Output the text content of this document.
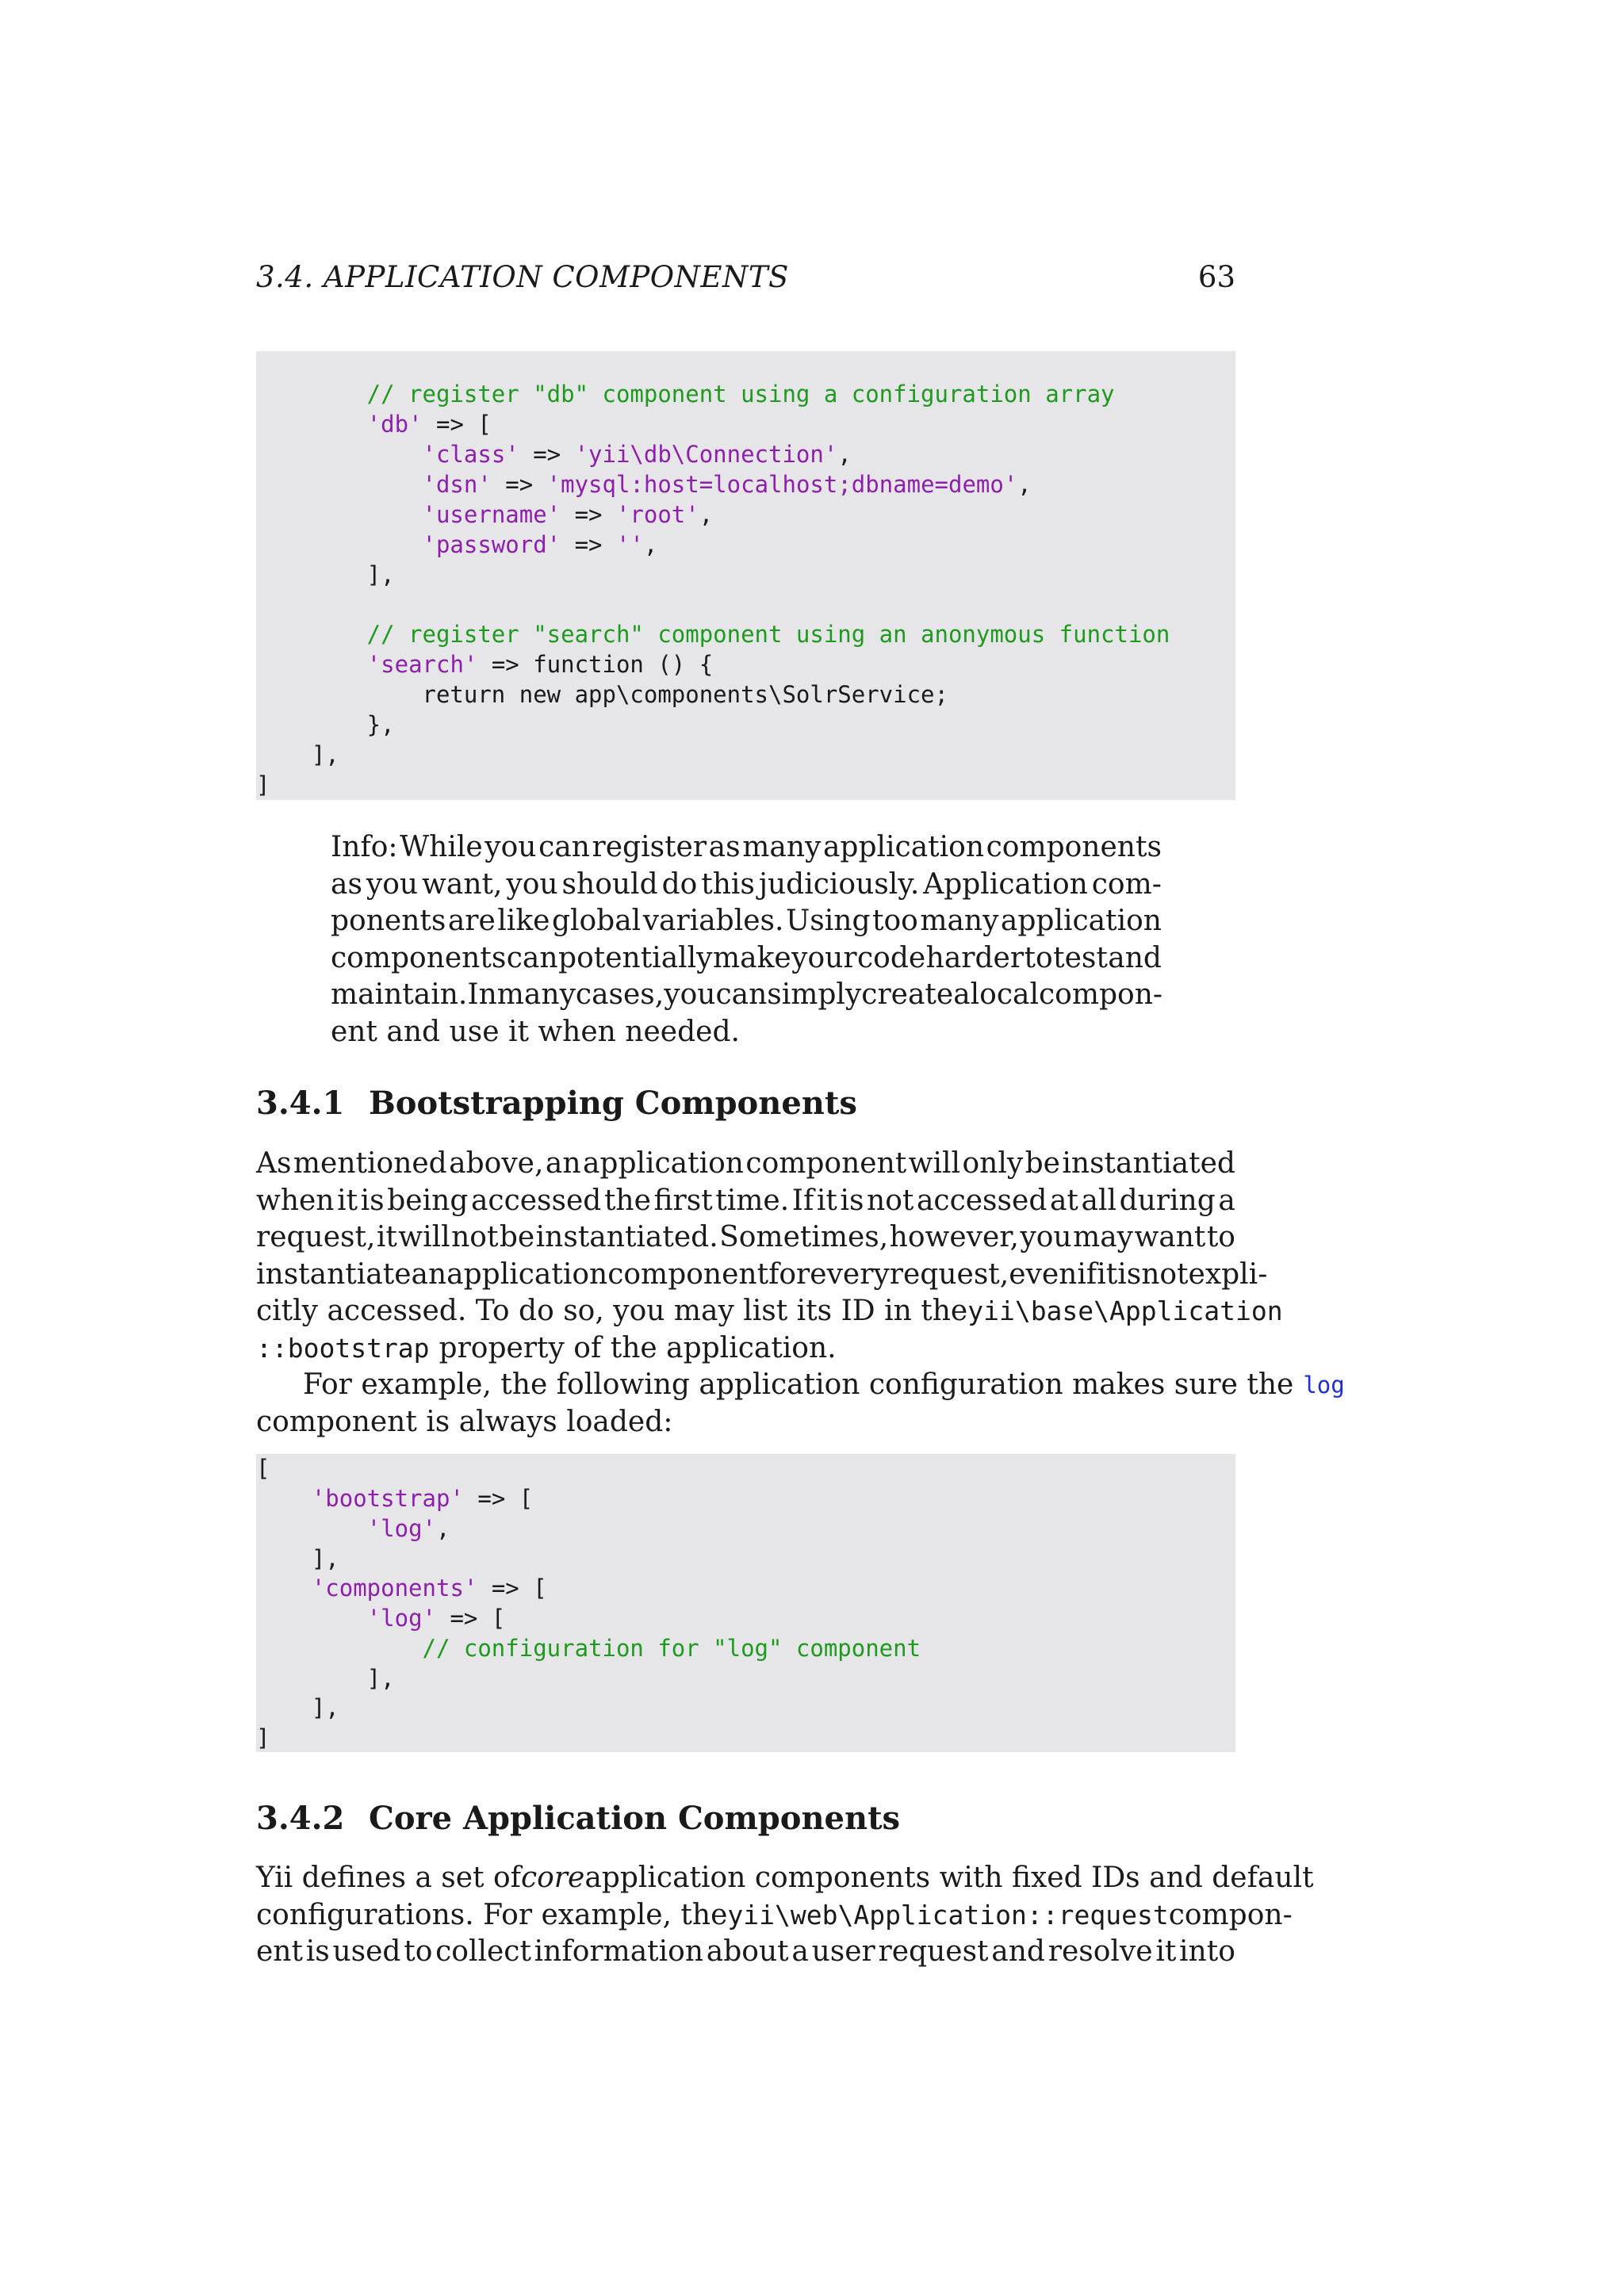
3.4. APPLICATION COMPONENTS	63
// register "db" component using a configuration array
'db' => [
'class' => 'yii\db\Connection',
'dsn' => 'mysql:host=localhost;dbname=demo',
'username' => 'root',
'password' => '',
],
// register "search" component using an anonymous function
'search' => function () {
return new app\components\SolrService;
},
],
]
Info: While you can register as many application components
as you want, you should do this judiciously. Application com-
ponents are like global variables. Using too many application
components can potentially make your code harder to test and
maintain. In many cases, you can simply create a local compon-
ent and use it when needed.
3.4.1 Bootstrapping Components
As mentioned above, an application component will only be instantiated
when it is being accessed the first time. If it is not accessed at all during a
request, it will not be instantiated. Sometimes, however, you may want to
instantiate an application component for every request, even if it is not expli-
citly accessed. To do so, you may list its ID in the yii\base\Application
::bootstrap property of the application.
For example, the following application configuration makes sure the log
component is always loaded:
[
'bootstrap' => [
'log',
],
'components' => [
'log' => [
// configuration for "log" component
],
],
]
3.4.2 Core Application Components
Yii defines a set of core application components with fixed IDs and default
configurations. For example, the yii\web\Application::request compon-
ent is used to collect information about a user request and resolve it into
